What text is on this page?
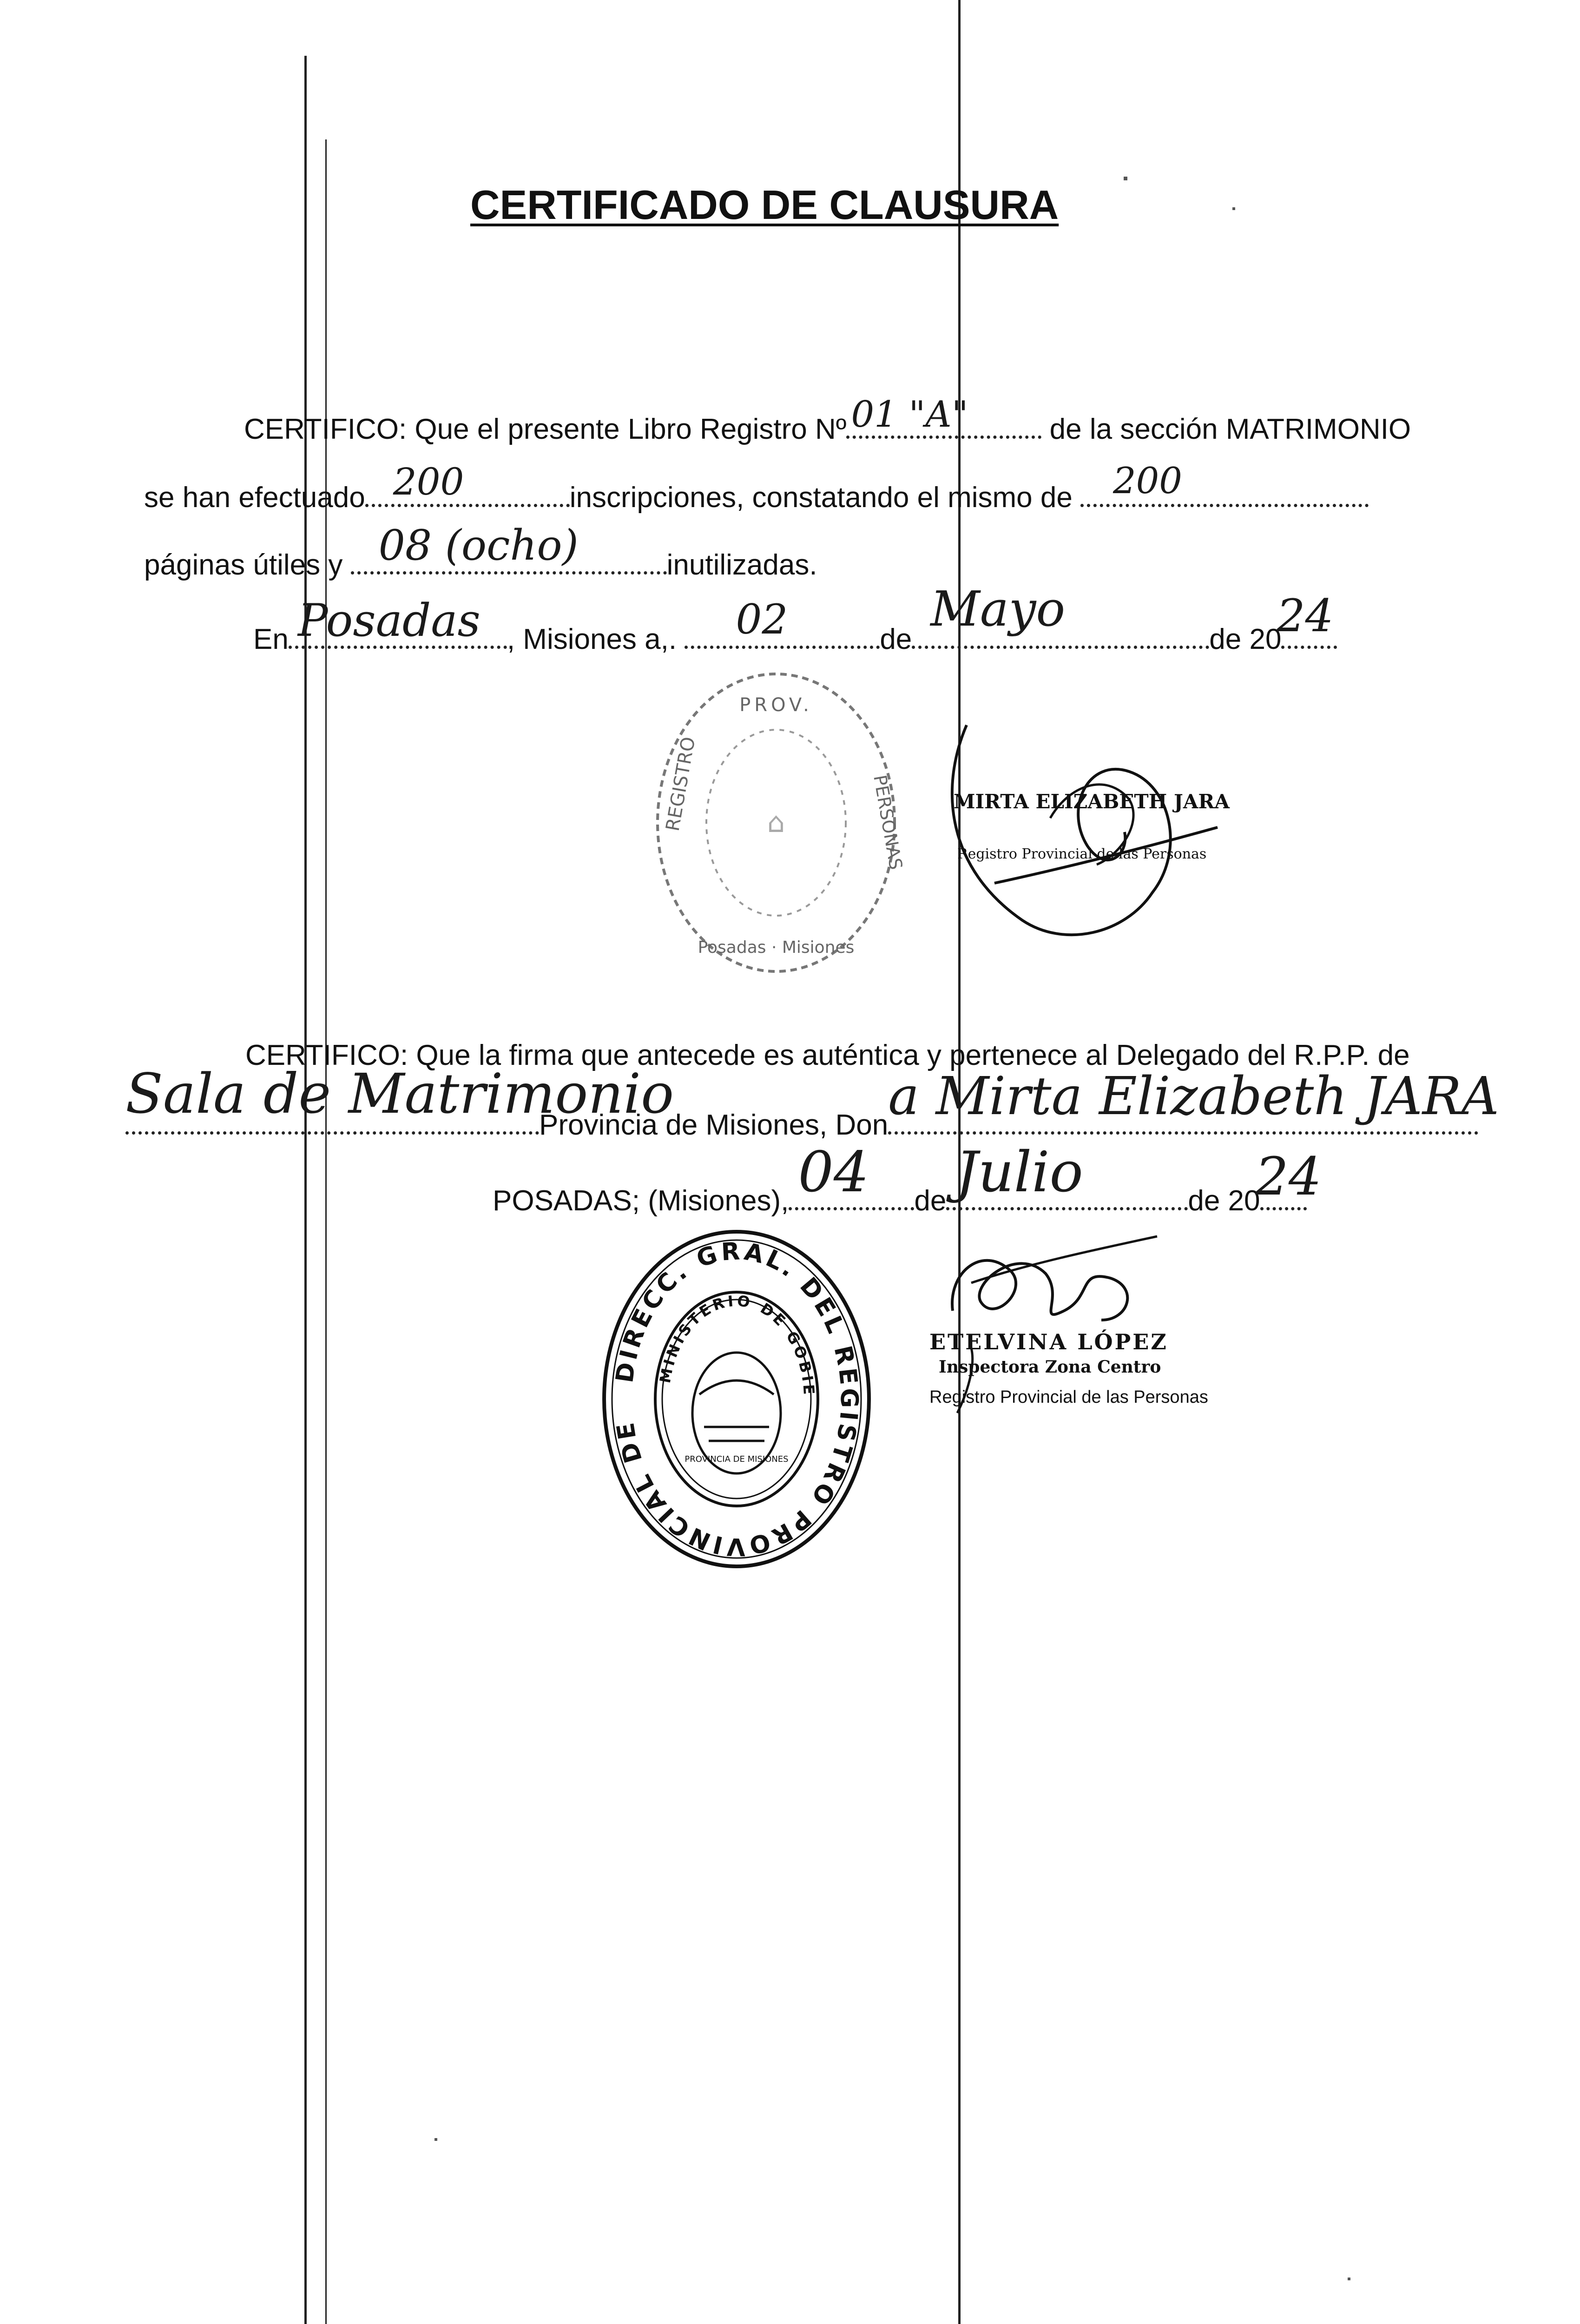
CERTIFICADO DE CLAUSURA
CERTIFICO: Que el presente Libro Registro Nº 01 "A"	de la sección MATRIMONIO
se han efectuado 200	inscripciones, constatando el mismo de 200
páginas útiles y 08 (ocho)	inutilizadas.
En Posadas , Misiones a,. 02	de
Mayo
de 20
24
PROV.
REGISTRO	PERSONAS
Posadas · Misiones
⌂
MIRTA ELIZABETH JARA
Registro Provincial de las Personas
CERTIFICO: Que la firma que antecede es auténtica y pertenece al Delegado del R.P.P. de
Sala de Matrimonio
Provincia de Misiones, Don a Mirta Elizabeth JARA
POSADAS; (Misiones), 04 de Julio	de 20
24
DIRECC. GRAL. DEL REGISTRO PROVINCIAL DE
MINISTERIO DE GOBIE
PROVINCIA DE MISIONES
ETELVINA LÓPEZ
Inspectora Zona Centro
Registro Provincial de las Personas
